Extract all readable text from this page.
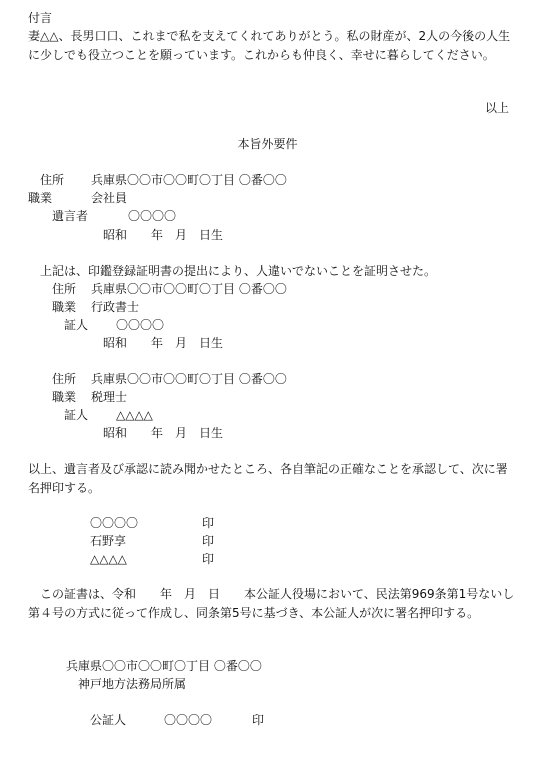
付言
妻△△、長男口口、これまで私を支えてくれてありがとう。私の財産が、2人の今後の人生に少しでも役立つことを願っています。これからも仲良く、幸せに暮らしてください。
以上
本旨外要件
住所 兵庫県〇〇市〇〇町〇丁目 〇番〇〇
職業	会社員
遺言者	〇〇〇〇
昭和　　年　月　日生
上記は、印鑑登録証明書の提出により、人違いでないことを証明させた。
住所 兵庫県〇〇市〇〇町〇丁目 〇番〇〇
職業 行政書士
証人 〇〇〇〇
昭和　　年　月　日生
住所 兵庫県〇〇市〇〇町〇丁目 〇番〇〇
職業 税理士
証人 △△△△
昭和　　年　月　日生
以上、遺言者及び承認に読み聞かせたところ、各自筆記の正確なことを承認して、次に署名押印する。
〇〇〇〇	印
石野享	印
△△△△	印
この証書は、令和　　年　月　日　　本公証人役場において、民法第969条第1号ないし第４号の方式に従って作成し、同条第5号に基づき、本公証人が次に署名押印する。
兵庫県〇〇市〇〇町〇丁目 〇番〇〇
神戸地方法務局所属
公証人	〇〇〇〇	印
